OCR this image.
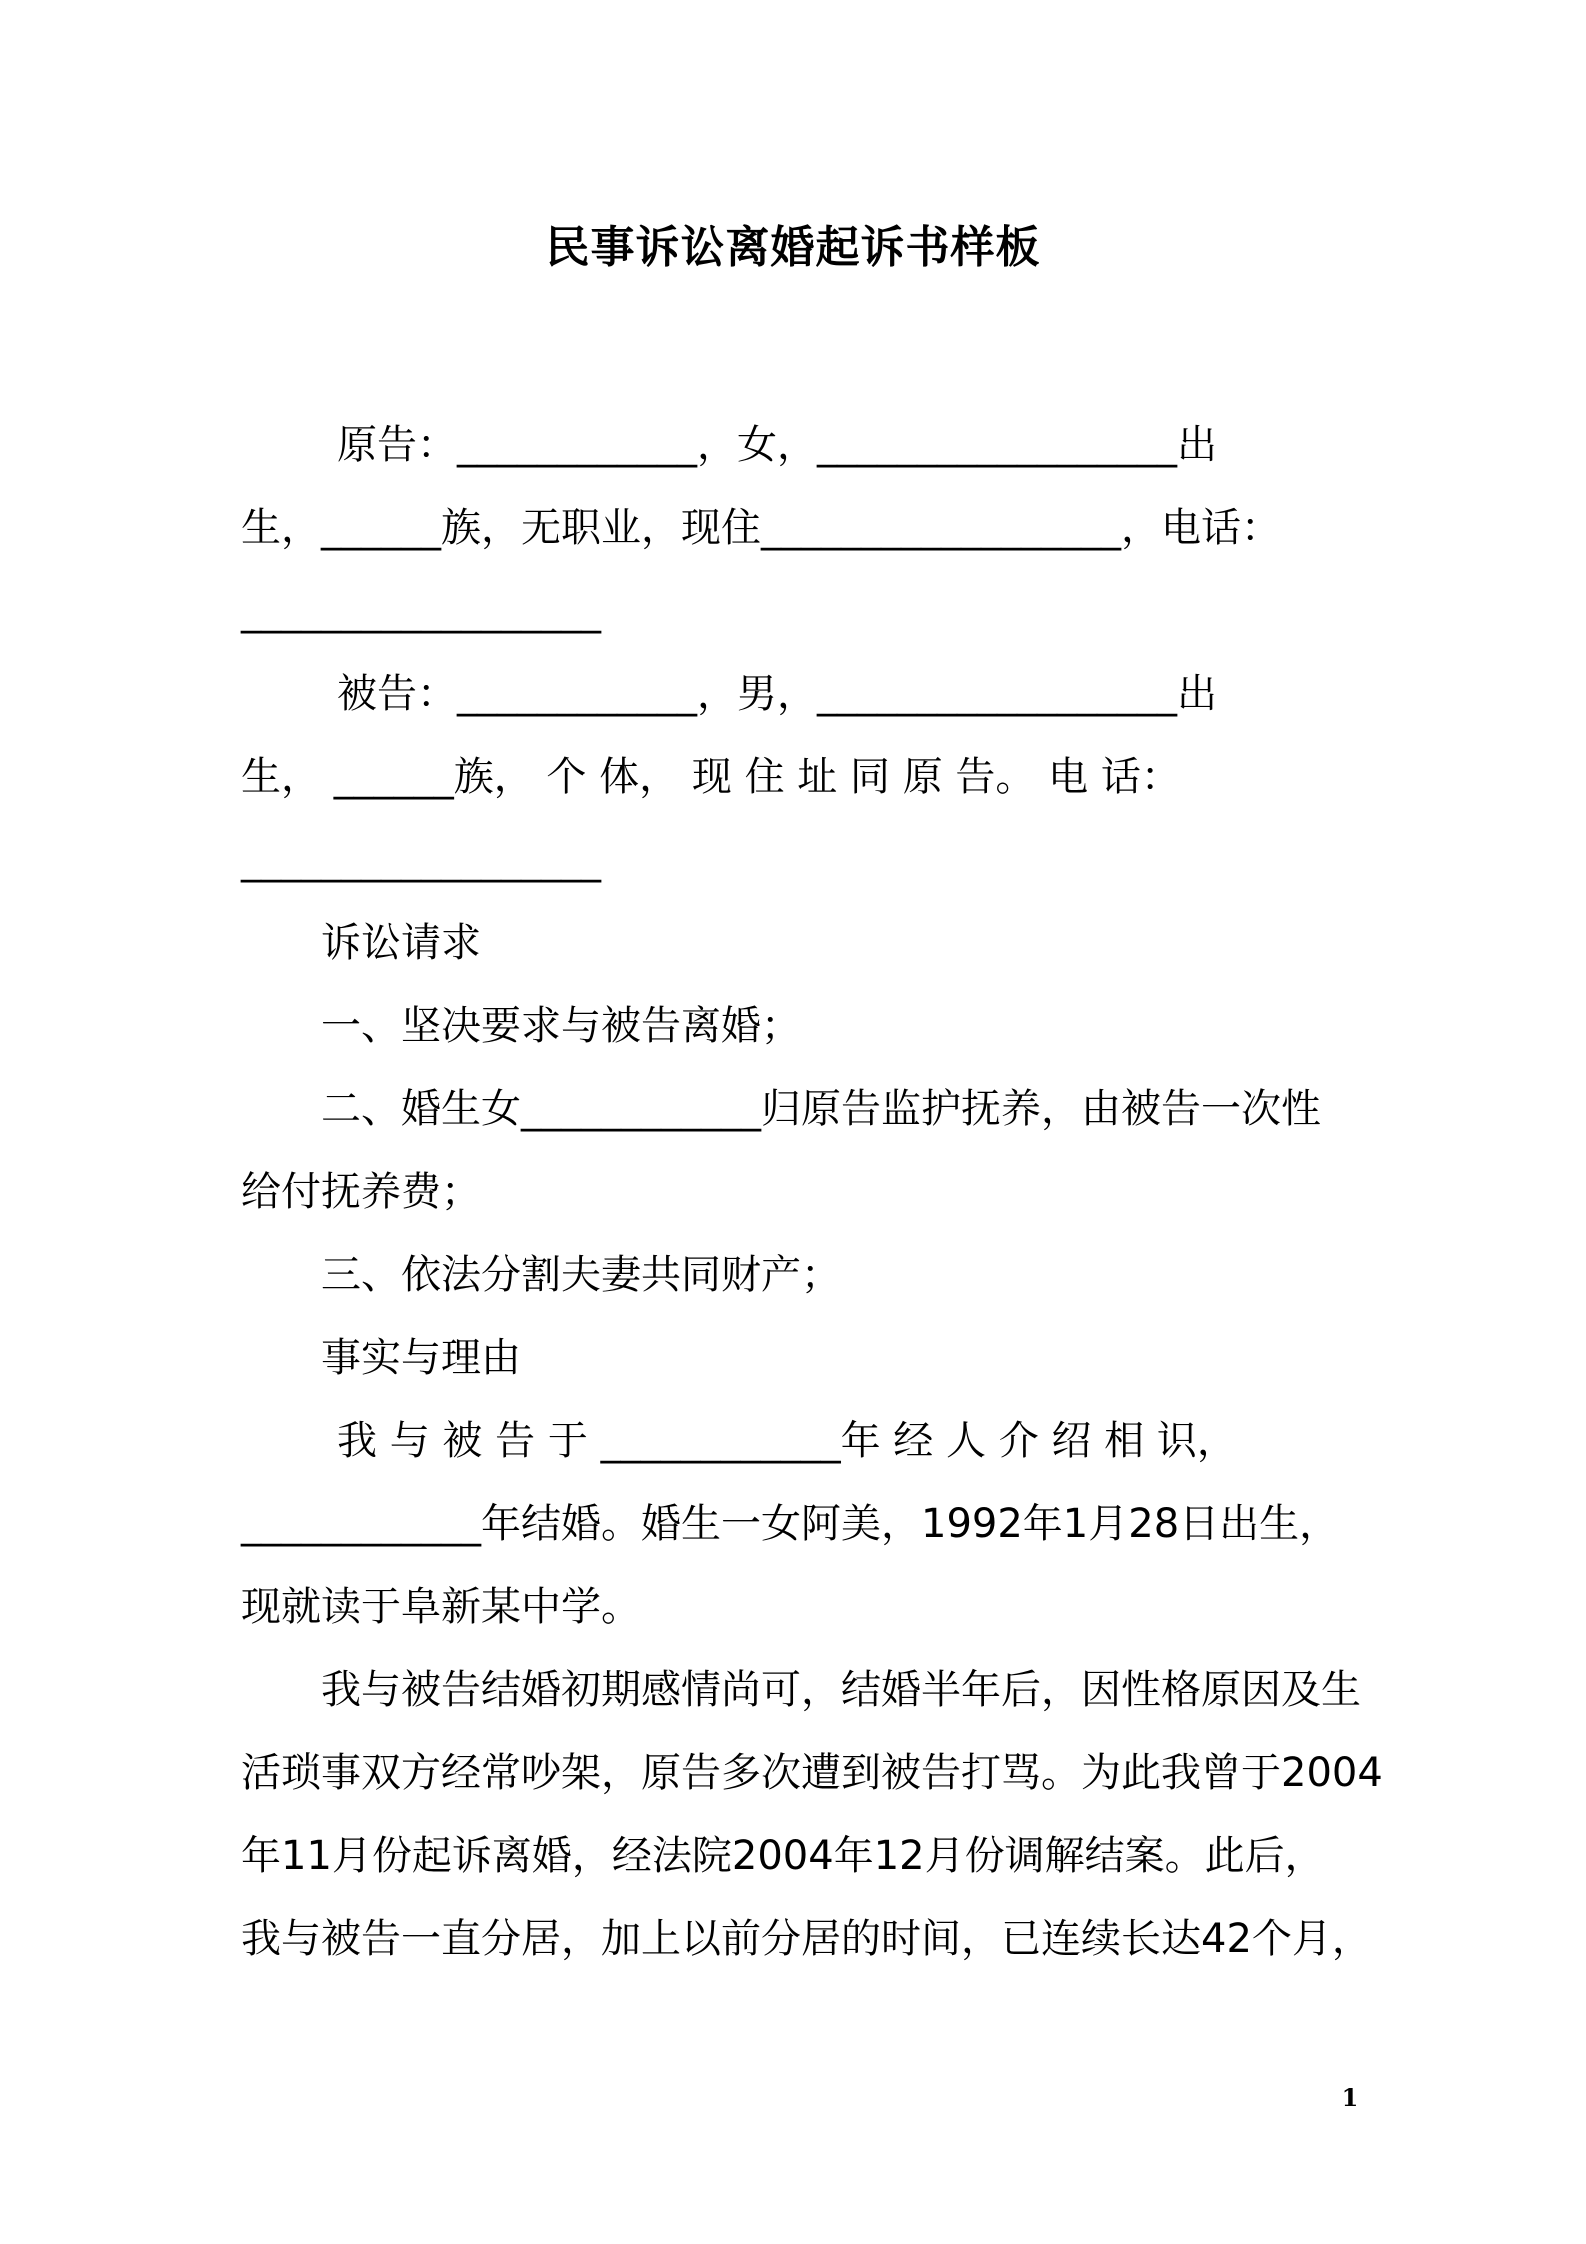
民事诉讼离婚起诉书样板
原告：____________，女，__________________出
生，______族，无职业，现住__________________，电话：
__________________
被告：____________，男，__________________出
生， ______族， 个 体， 现 住 址 同 原 告。 电 话：
__________________
诉讼请求
一、坚决要求与被告离婚；
二、婚生女____________归原告监护抚养，由被告一次性
给付抚养费；
三、依法分割夫妻共同财产；
事实与理由
我 与 被 告 于 ____________年 经 人 介 绍 相 识，
____________年结婚。婚生一女阿美，1992年1月28日出生，
现就读于阜新某中学。
我与被告结婚初期感情尚可，结婚半年后，因性格原因及生
活琐事双方经常吵架，原告多次遭到被告打骂。为此我曾于2004
年11月份起诉离婚，经法院2004年12月份调解结案。此后，
我与被告一直分居，加上以前分居的时间，已连续长达42个月，
1
